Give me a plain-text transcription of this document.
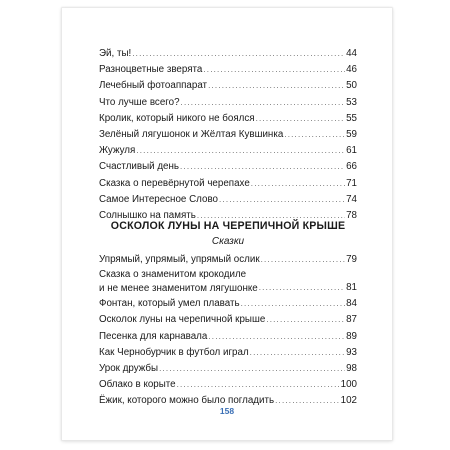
Эй, ты! .....	44
Разноцветные зверята .....	46
Лечебный фотоаппарат .....	50
Что лучше всего? .....	53
Кролик, который никого не боялся .....	55
Зелёный лягушонок и Жёлтая Кувшинка .....	59
Жужуля .....	61
Счастливый день .....	66
Сказка о перевёрнутой черепахе .....	71
Самое Интересное Слово .....	74
Солнышко на память .....	78
ОСКОЛОК ЛУНЫ НА ЧЕРЕПИЧНОЙ КРЫШЕ
Сказки
Упрямый, упрямый, упрямый ослик .....	79
Сказка о знаменитом крокодиле
и не менее знаменитом лягушонке .....	81
Фонтан, который умел плавать .....	84
Осколок луны на черепичной крыше .....	87
Песенка для карнавала .....	89
Как Чернобурчик в футбол играл .....	93
Урок дружбы .....	98
Облако в корыте .....	100
Ёжик, которого можно было погладить .....	102
158
